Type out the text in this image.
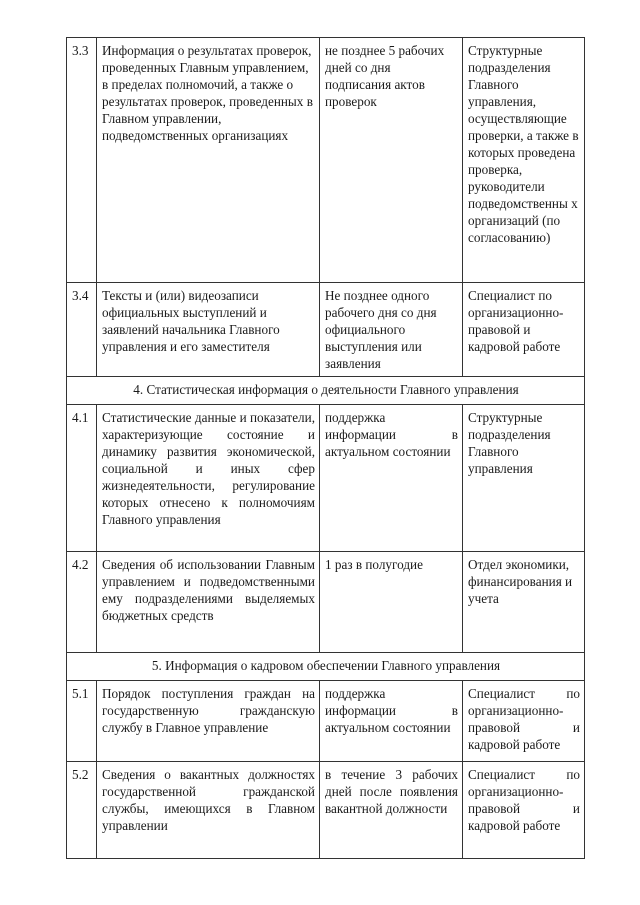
3.3	Информация о результатах проверок, проведенных Главным управлением, в пределах полномочий, а также о результатах проверок, проведенных в Главном управлении, подведомственных организациях	не позднее 5 рабочих дней со дня подписания актов проверок	Структурные подразделения Главного управления, осуществляющие проверки, а также в которых проведена проверка, руководители подведомственны х организаций (по согласованию)
3.4	Тексты и (или) видеозаписи официальных выступлений и заявлений начальника Главного управления и его заместителя	Не позднее одного рабочего дня со дня официального выступления или заявления	Специалист по организационно-правовой и кадровой работе
4. Статистическая информация о деятельности Главного управления			
4.1	Статистические данные и показатели, характеризующие состояние и динамику развития экономической, социальной и иных сфер жизнедеятельности, регулирование которых отнесено к полномочиям Главного управления	поддержка информации в актуальном состоянии	Структурные подразделения Главного управления
4.2	Сведения об использовании Главным управлением и подведомственными ему подразделениями выделяемых бюджетных средств	1 раз в полугодие	Отдел экономики, финансирования и учета
5. Информация о кадровом обеспечении Главного управления			
5.1	Порядок поступления граждан на государственную гражданскую службу в Главное управление	поддержка информации в актуальном состоянии	Специалист по организационно-правовой и кадровой работе
5.2	Сведения о вакантных должностях государственной гражданской службы, имеющихся в Главном управлении	в течение 3 рабочих дней после появления вакантной должности	Специалист по организационно-правовой и кадровой работе
